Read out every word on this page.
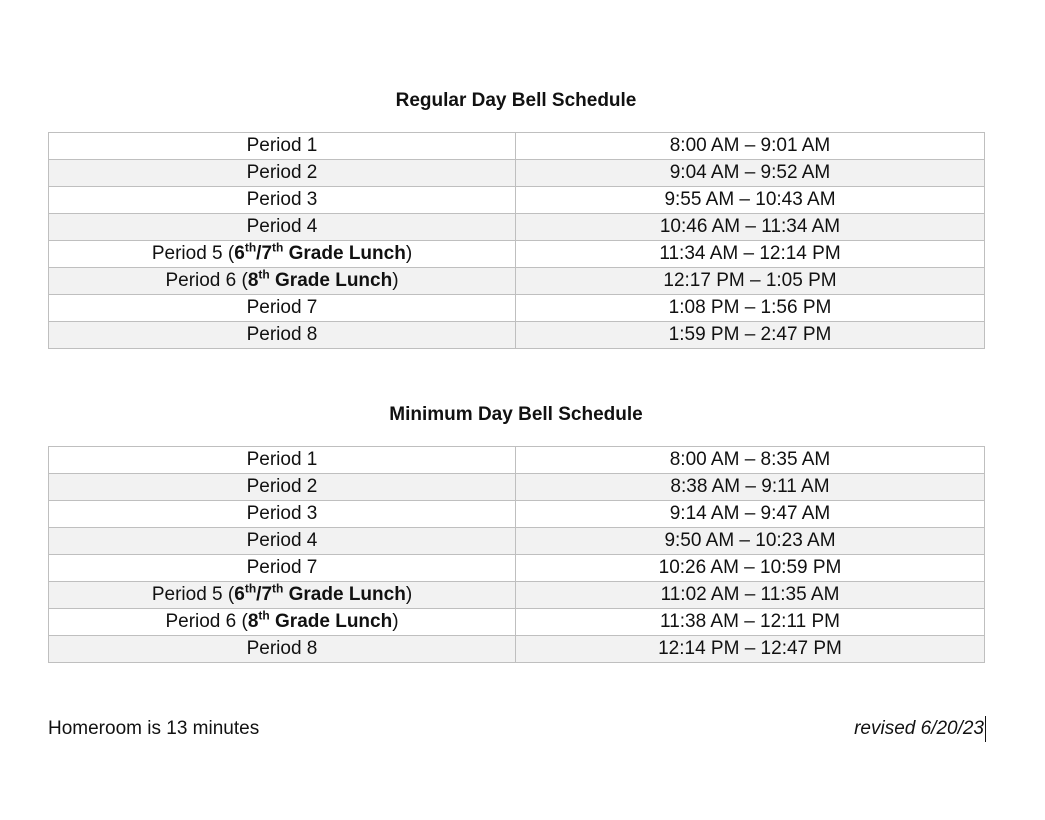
Regular Day Bell Schedule
Period 1	8:00 AM – 9:01 AM
Period 2	9:04 AM – 9:52 AM
Period 3	9:55 AM – 10:43 AM
Period 4	10:46 AM – 11:34 AM
Period 5 (6th/7th Grade Lunch)	11:34 AM – 12:14 PM
Period 6 (8th Grade Lunch)	12:17 PM – 1:05 PM
Period 7	1:08 PM – 1:56 PM
Period 8	1:59 PM – 2:47 PM
Minimum Day Bell Schedule
Period 1	8:00 AM – 8:35 AM
Period 2	8:38 AM – 9:11 AM
Period 3	9:14 AM – 9:47 AM
Period 4	9:50 AM – 10:23 AM
Period 7	10:26 AM – 10:59 PM
Period 5 (6th/7th Grade Lunch)	11:02 AM – 11:35 AM
Period 6 (8th Grade Lunch)	11:38 AM – 12:11 PM
Period 8	12:14 PM – 12:47 PM
Homeroom is 13 minutes	revised 6/20/23
